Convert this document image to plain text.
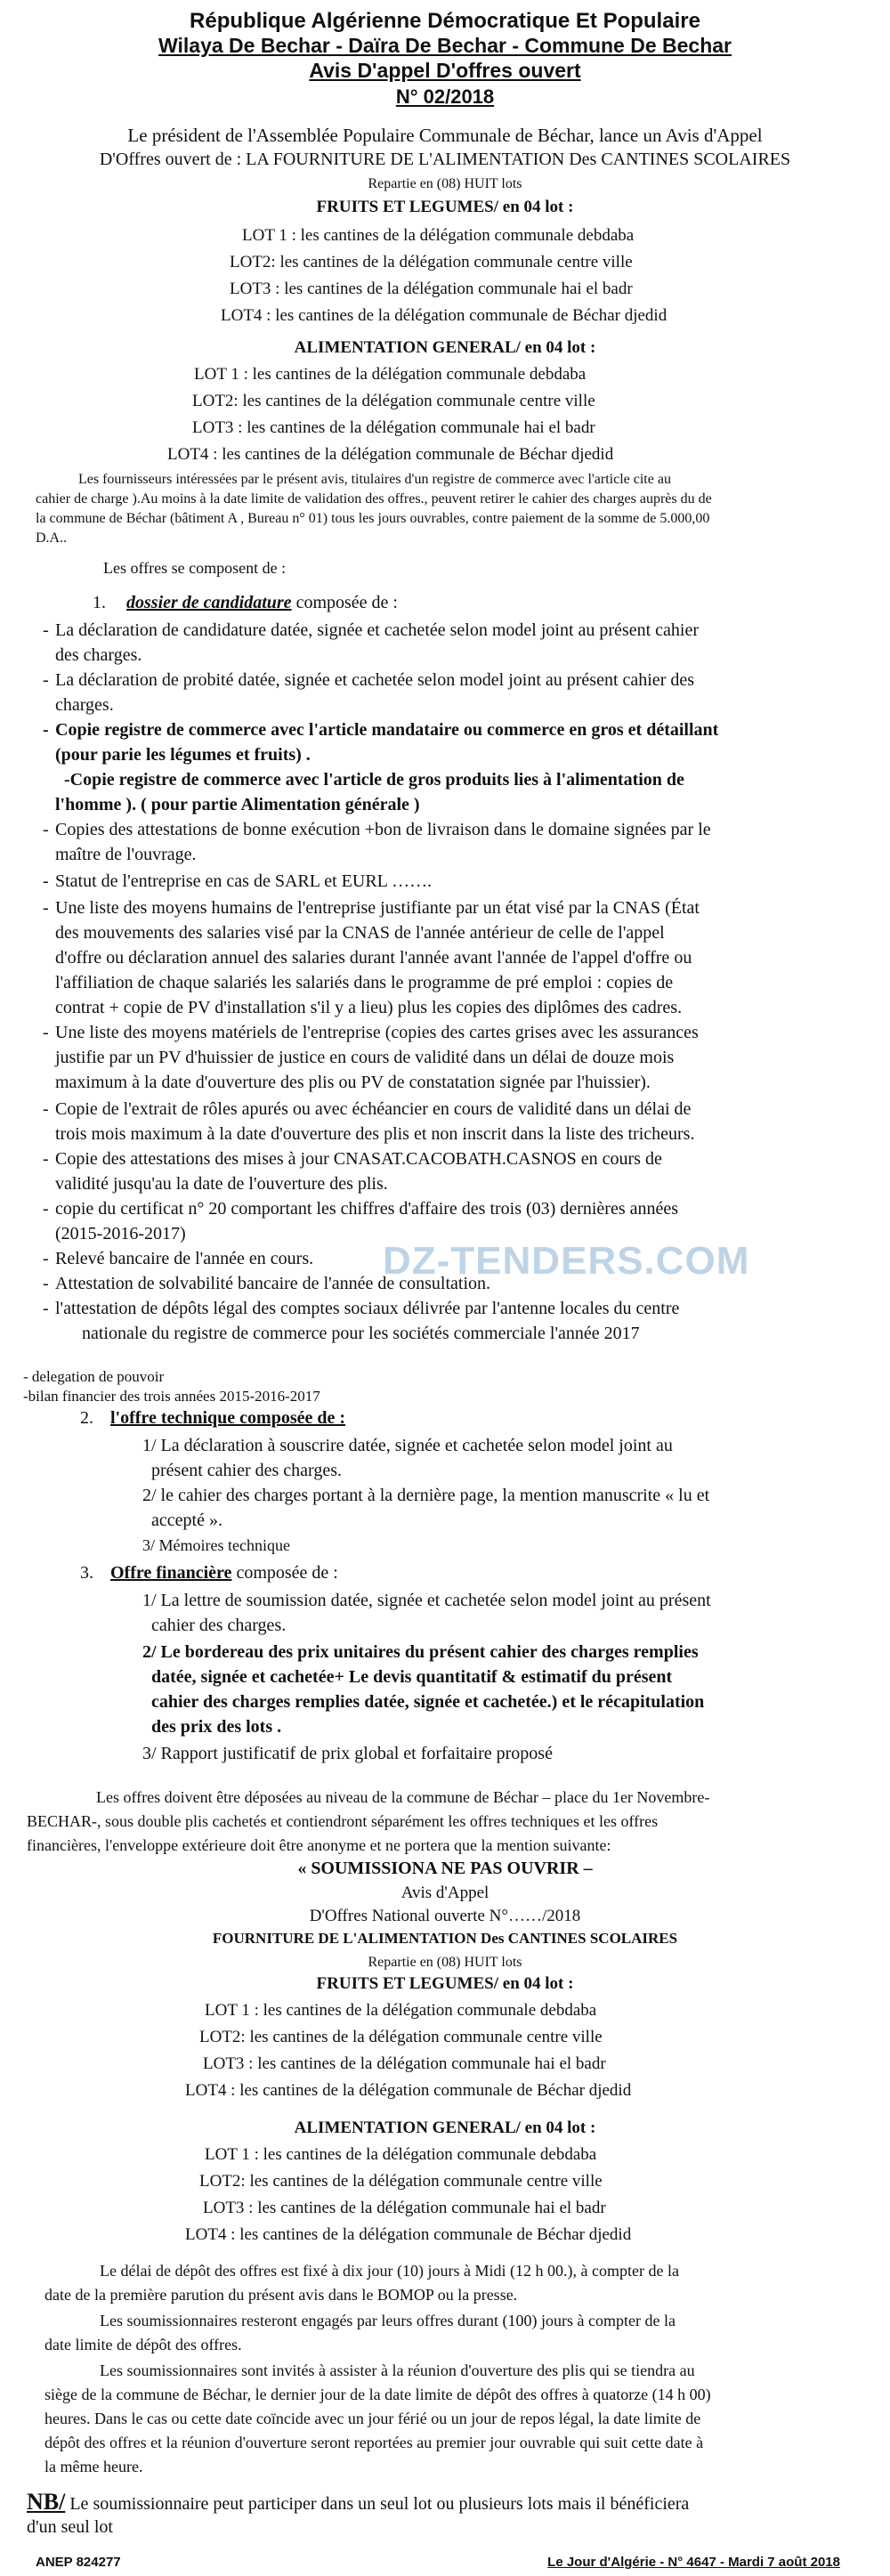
République Algérienne Démocratique Et Populaire
Wilaya De Bechar - Daïra De Bechar - Commune De Bechar
Avis D'appel D'offres ouvert
N° 02/2018
Le président de l'Assemblée Populaire Communale de Béchar, lance un Avis d'Appel
D'Offres ouvert de : LA FOURNITURE DE L'ALIMENTATION Des CANTINES SCOLAIRES
Repartie en (08) HUIT lots
FRUITS ET LEGUMES/ en 04 lot :
LOT 1 : les cantines de la délégation communale debdaba
LOT2: les cantines de la délégation communale centre ville
LOT3 : les cantines de la délégation communale hai el badr
LOT4 : les cantines de la délégation communale de Béchar djedid
ALIMENTATION GENERAL/ en 04 lot :
LOT 1 : les cantines de la délégation communale debdaba
LOT2: les cantines de la délégation communale centre ville
LOT3 : les cantines de la délégation communale hai el badr
LOT4 : les cantines de la délégation communale de Béchar djedid
Les fournisseurs intéressées par le présent avis, titulaires d'un registre de commerce avec l'article cite au
cahier de charge ).Au moins à la date limite de validation des offres., peuvent retirer le cahier des charges auprès du de
la commune de Béchar (bâtiment A , Bureau n° 01) tous les jours ouvrables, contre paiement de la somme de 5.000,00
D.A..
Les offres se composent de :
1. dossier de candidature composée de :
- La déclaration de candidature datée, signée et cachetée selon model joint au présent cahier
des charges.
- La déclaration de probité datée, signée et cachetée selon model joint au présent cahier des
charges.
- Copie registre de commerce avec l'article mandataire ou commerce en gros et détaillant
(pour parie les légumes et fruits) .
-Copie registre de commerce avec l'article de gros produits lies à l'alimentation de
l'homme ). ( pour partie Alimentation générale )
- Copies des attestations de bonne exécution +bon de livraison dans le domaine signées par le
maître de l'ouvrage.
- Statut de l'entreprise en cas de SARL et EURL …….
- Une liste des moyens humains de l'entreprise justifiante par un état visé par la CNAS (État
des mouvements des salaries visé par la CNAS de l'année antérieur de celle de l'appel
d'offre ou déclaration annuel des salaries durant l'année avant l'année de l'appel d'offre ou
l'affiliation de chaque salariés les salariés dans le programme de pré emploi : copies de
contrat + copie de PV d'installation s'il y a lieu) plus les copies des diplômes des cadres.
- Une liste des moyens matériels de l'entreprise (copies des cartes grises avec les assurances
justifie par un PV d'huissier de justice en cours de validité dans un délai de douze mois
maximum à la date d'ouverture des plis ou PV de constatation signée par l'huissier).
- Copie de l'extrait de rôles apurés ou avec échéancier en cours de validité dans un délai de
trois mois maximum à la date d'ouverture des plis et non inscrit dans la liste des tricheurs.
- Copie des attestations des mises à jour CNASAT.CACOBATH.CASNOS en cours de
validité jusqu'au la date de l'ouverture des plis.
- copie du certificat n° 20 comportant les chiffres d'affaire des trois (03) dernières années
(2015-2016-2017)
- Relevé bancaire de l'année en cours.
- Attestation de solvabilité bancaire de l'année de consultation.
- l'attestation de dépôts légal des comptes sociaux délivrée par l'antenne locales du centre
nationale du registre de commerce pour les sociétés commerciale l'année 2017
- delegation de pouvoir
-bilan financier des trois années 2015-2016-2017
2. l'offre technique composée de :
1/ La déclaration à souscrire datée, signée et cachetée selon model joint au
présent cahier des charges.
2/ le cahier des charges portant à la dernière page, la mention manuscrite « lu et
accepté ».
3/ Mémoires technique
3. Offre financière composée de :
1/ La lettre de soumission datée, signée et cachetée selon model joint au présent
cahier des charges.
2/ Le bordereau des prix unitaires du présent cahier des charges remplies
datée, signée et cachetée+ Le devis quantitatif & estimatif du présent
cahier des charges remplies datée, signée et cachetée.) et le récapitulation
des prix des lots .
3/ Rapport justificatif de prix global et forfaitaire proposé
Les offres doivent être déposées au niveau de la commune de Béchar – place du 1er Novembre-
BECHAR-, sous double plis cachetés et contiendront séparément les offres techniques et les offres
financières, l'enveloppe extérieure doit être anonyme et ne portera que la mention suivante:
« SOUMISSIONA NE PAS OUVRIR –
Avis d'Appel
D'Offres National ouverte N°……/2018
FOURNITURE DE L'ALIMENTATION Des CANTINES SCOLAIRES
Repartie en (08) HUIT lots
FRUITS ET LEGUMES/ en 04 lot :
LOT 1 : les cantines de la délégation communale debdaba
LOT2: les cantines de la délégation communale centre ville
LOT3 : les cantines de la délégation communale hai el badr
LOT4 : les cantines de la délégation communale de Béchar djedid
ALIMENTATION GENERAL/ en 04 lot :
LOT 1 : les cantines de la délégation communale debdaba
LOT2: les cantines de la délégation communale centre ville
LOT3 : les cantines de la délégation communale hai el badr
LOT4 : les cantines de la délégation communale de Béchar djedid
Le délai de dépôt des offres est fixé à dix jour (10) jours à Midi (12 h 00.), à compter de la
date de la première parution du présent avis dans le BOMOP ou la presse.
Les soumissionnaires resteront engagés par leurs offres durant (100) jours à compter de la
date limite de dépôt des offres.
Les soumissionnaires sont invités à assister à la réunion d'ouverture des plis qui se tiendra au
siège de la commune de Béchar, le dernier jour de la date limite de dépôt des offres à quatorze (14 h 00)
heures. Dans le cas ou cette date coïncide avec un jour férié ou un jour de repos légal, la date limite de
dépôt des offres et la réunion d'ouverture seront reportées au premier jour ouvrable qui suit cette date à
la même heure.
NB/ Le soumissionnaire peut participer dans un seul lot ou plusieurs lots mais il bénéficiera
d'un seul lot
DZ-TENDERS.COM
ANEP 824277	Le Jour d'Algérie - N° 4647 - Mardi 7 août 2018
